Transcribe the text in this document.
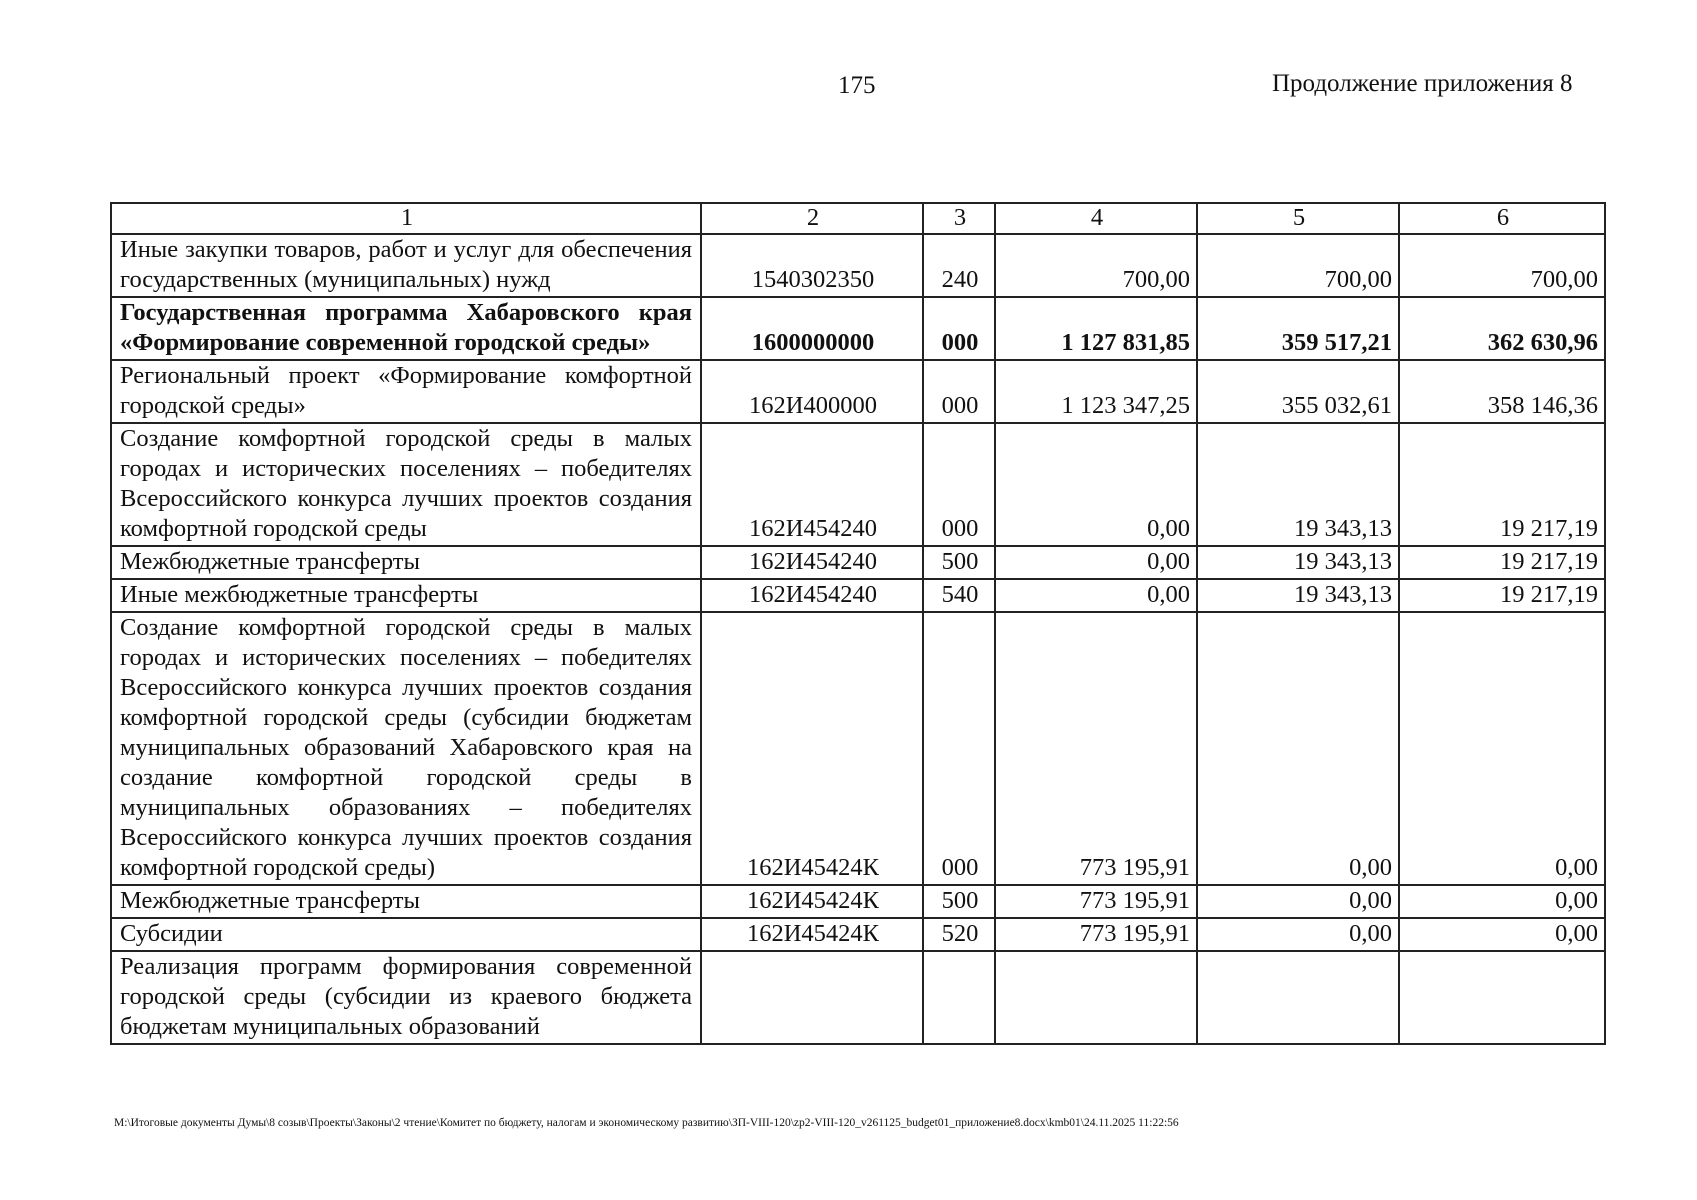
175	Продолжение приложения 8
1	2	3	4	5	6
Иные закупки товаров, работ и услуг для обеспечения государственных (муниципальных) нужд	1540302350	240	700,00	700,00	700,00
Государственная программа Хабаровского края «Формирование современной городской среды»	1600000000	000	1 127 831,85	359 517,21	362 630,96
Региональный проект «Формирование комфортной городской среды»	162И400000	000	1 123 347,25	355 032,61	358 146,36
Создание комфортной городской среды в малых городах и исторических поселениях – победителях Всероссийского конкурса лучших проектов создания комфортной городской среды	162И454240	000	0,00	19 343,13	19 217,19
Межбюджетные трансферты	162И454240	500	0,00	19 343,13	19 217,19
Иные межбюджетные трансферты	162И454240	540	0,00	19 343,13	19 217,19
Создание комфортной городской среды в малых городах и исторических поселениях – победителях Всероссийского конкурса лучших проектов создания комфортной городской среды (субсидии бюджетам муниципальных образований Хабаровского края на создание комфортной городской среды в муниципальных образованиях – победителях Всероссийского конкурса лучших проектов создания комфортной городской среды)	162И45424К	000	773 195,91	0,00	0,00
Межбюджетные трансферты	162И45424К	500	773 195,91	0,00	0,00
Субсидии	162И45424К	520	773 195,91	0,00	0,00
Реализация программ формирования современной городской среды (субсидии из краевого бюджета бюджетам муниципальных образований					
M:\Итоговые документы Думы\8 созыв\Проекты\Законы\2 чтение\Комитет по бюджету, налогам и экономическому развитию\ЗП-VIII-120\zp2-VIII-120_v261125_budget01_приложение8.docx\kmb01\24.11.2025 11:22:56
